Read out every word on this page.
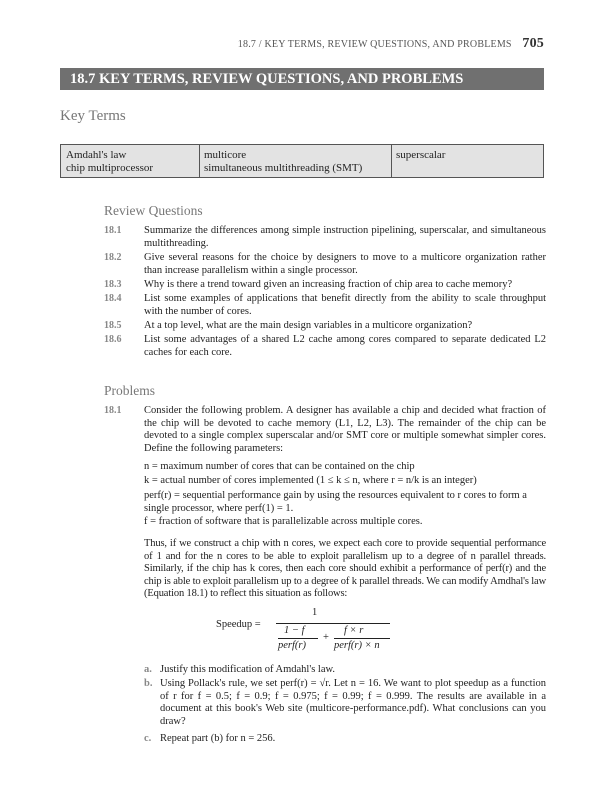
18.7 / KEY TERMS, REVIEW QUESTIONS, AND PROBLEMS 705
18.7 KEY TERMS, REVIEW QUESTIONS, AND PROBLEMS
Key Terms
Amdahl's law
chip multiprocessor
multicore
simultaneous multithreading (SMT)
superscalar
Review Questions
18.1	Summarize the differences among simple instruction pipelining, superscalar, and simultaneous multithreading.
18.2	Give several reasons for the choice by designers to move to a multicore organization rather than increase parallelism within a single processor.
18.3	Why is there a trend toward given an increasing fraction of chip area to cache memory?
18.4	List some examples of applications that benefit directly from the ability to scale throughput with the number of cores.
18.5	At a top level, what are the main design variables in a multicore organization?
18.6	List some advantages of a shared L2 cache among cores compared to separate dedicated L2 caches for each core.
Problems
18.1 Consider the following problem. A designer has available a chip and decided what fraction of the chip will be devoted to cache memory (L1, L2, L3). The remainder of the chip can be devoted to a single complex superscalar and/or SMT core or multiple somewhat simpler cores. Define the following parameters:
n = maximum number of cores that can be contained on the chip
k = actual number of cores implemented (1 ≤ k ≤ n, where r = n/k is an integer)
perf(r) = sequential performance gain by using the resources equivalent to r cores to form a single processor, where perf(1) = 1.
f = fraction of software that is parallelizable across multiple cores.
Thus, if we construct a chip with n cores, we expect each core to provide sequential performance of 1 and for the n cores to be able to exploit parallelism up to a degree of n parallel threads. Similarly, if the chip has k cores, then each core should exhibit a performance of perf(r) and the chip is able to exploit parallelism up to a degree of k parallel threads. We can modify Amdhal's law (Equation 18.1) to reflect this situation as follows:
Speedup =
1
1 − f
perf(r)
+
f × r
perf(r) × n
a. Justify this modification of Amdahl's law.
b. Using Pollack's rule, we set perf(r) = √r. Let n = 16. We want to plot speedup as a function of r for f = 0.5; f = 0.9; f = 0.975; f = 0.99; f = 0.999. The results are available in a document at this book's Web site (multicore-performance.pdf). What conclusions can you draw?
c. Repeat part (b) for n = 256.
